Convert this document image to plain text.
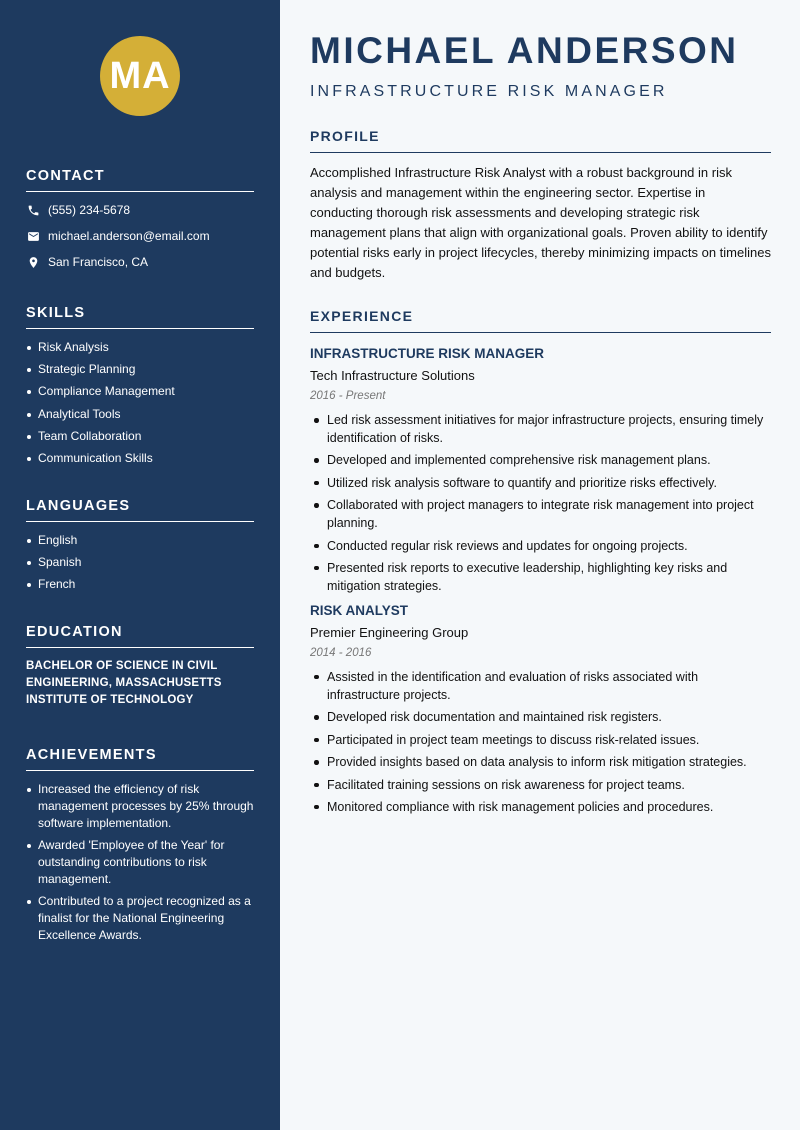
MA
CONTACT
(555) 234-5678
michael.anderson@email.com
San Francisco, CA
SKILLS
Risk Analysis
Strategic Planning
Compliance Management
Analytical Tools
Team Collaboration
Communication Skills
LANGUAGES
English
Spanish
French
EDUCATION
BACHELOR OF SCIENCE IN CIVIL ENGINEERING, MASSACHUSETTS INSTITUTE OF TECHNOLOGY
ACHIEVEMENTS
Increased the efficiency of risk management processes by 25% through software implementation.
Awarded 'Employee of the Year' for outstanding contributions to risk management.
Contributed to a project recognized as a finalist for the National Engineering Excellence Awards.
MICHAEL ANDERSON
INFRASTRUCTURE RISK MANAGER
PROFILE
Accomplished Infrastructure Risk Analyst with a robust background in risk analysis and management within the engineering sector. Expertise in conducting thorough risk assessments and developing strategic risk management plans that align with organizational goals. Proven ability to identify potential risks early in project lifecycles, thereby minimizing impacts on timelines and budgets.
EXPERIENCE
INFRASTRUCTURE RISK MANAGER
Tech Infrastructure Solutions
2016 - Present
Led risk assessment initiatives for major infrastructure projects, ensuring timely identification of risks.
Developed and implemented comprehensive risk management plans.
Utilized risk analysis software to quantify and prioritize risks effectively.
Collaborated with project managers to integrate risk management into project planning.
Conducted regular risk reviews and updates for ongoing projects.
Presented risk reports to executive leadership, highlighting key risks and mitigation strategies.
RISK ANALYST
Premier Engineering Group
2014 - 2016
Assisted in the identification and evaluation of risks associated with infrastructure projects.
Developed risk documentation and maintained risk registers.
Participated in project team meetings to discuss risk-related issues.
Provided insights based on data analysis to inform risk mitigation strategies.
Facilitated training sessions on risk awareness for project teams.
Monitored compliance with risk management policies and procedures.
